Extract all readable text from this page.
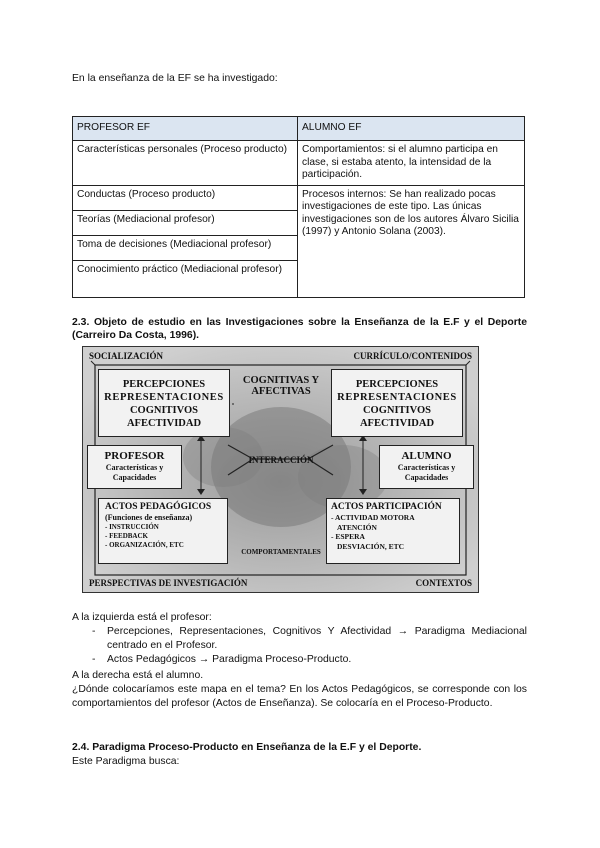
En la enseñanza de la EF se ha investigado:

PROFESOR EF	ALUMNO EF
Características personales (Proceso producto)	Comportamientos: si el alumno participa en clase, si estaba atento, la intensidad de la participación.
Conductas (Proceso producto)	Procesos internos: Se han realizado pocas investigaciones de este tipo. Las únicas investigaciones son de los autores Álvaro Sicilia (1997) y Antonio Solana (2003).
Teorías (Mediacional profesor)	
Toma de decisiones (Mediacional profesor)	
Conocimiento práctico (Mediacional profesor)	

2.3. Objeto de estudio en las Investigaciones sobre la Enseñanza de la E.F y el Deporte (Carreiro Da Costa, 1996).

SOCIALIZACIÓN	CURRÍCULO/CONTENIDOS
PERSPECTIVAS DE INVESTIGACIÓN	CONTEXTOS
COGNITIVAS Y AFECTIVAS
INTERACCIÓN
COMPORTAMENTALES
PERCEPCIONES
REPRESENTACIONES
COGNITIVOS
AFECTIVIDAD
PERCEPCIONES
REPRESENTACIONES
COGNITIVOS
AFECTIVIDAD
PROFESOR
Características y Capacidades
ALUMNO
Características y Capacidades
ACTOS PEDAGÓGICOS
(Funciones de enseñanza)
- INSTRUCCIÓN
- FEEDBACK
- ORGANIZACIÓN, ETC
ACTOS PARTICIPACIÓN
- ACTIVIDAD MOTORA
ATENCIÓN
- ESPERA
DESVIACIÓN, ETC

A la izquierda está el profesor:

- Percepciones, Representaciones, Cognitivos Y Afectividad → Paradigma Mediacional centrado en el Profesor.
- Actos Pedagógicos → Paradigma Proceso-Producto.

A la derecha está el alumno.

¿Dónde colocaríamos este mapa en el tema? En los Actos Pedagógicos, se corresponde con los comportamientos del profesor (Actos de Enseñanza). Se colocaría en el Proceso-Producto.

2.4. Paradigma Proceso-Producto en Enseñanza de la E.F y el Deporte.

Este Paradigma busca:
